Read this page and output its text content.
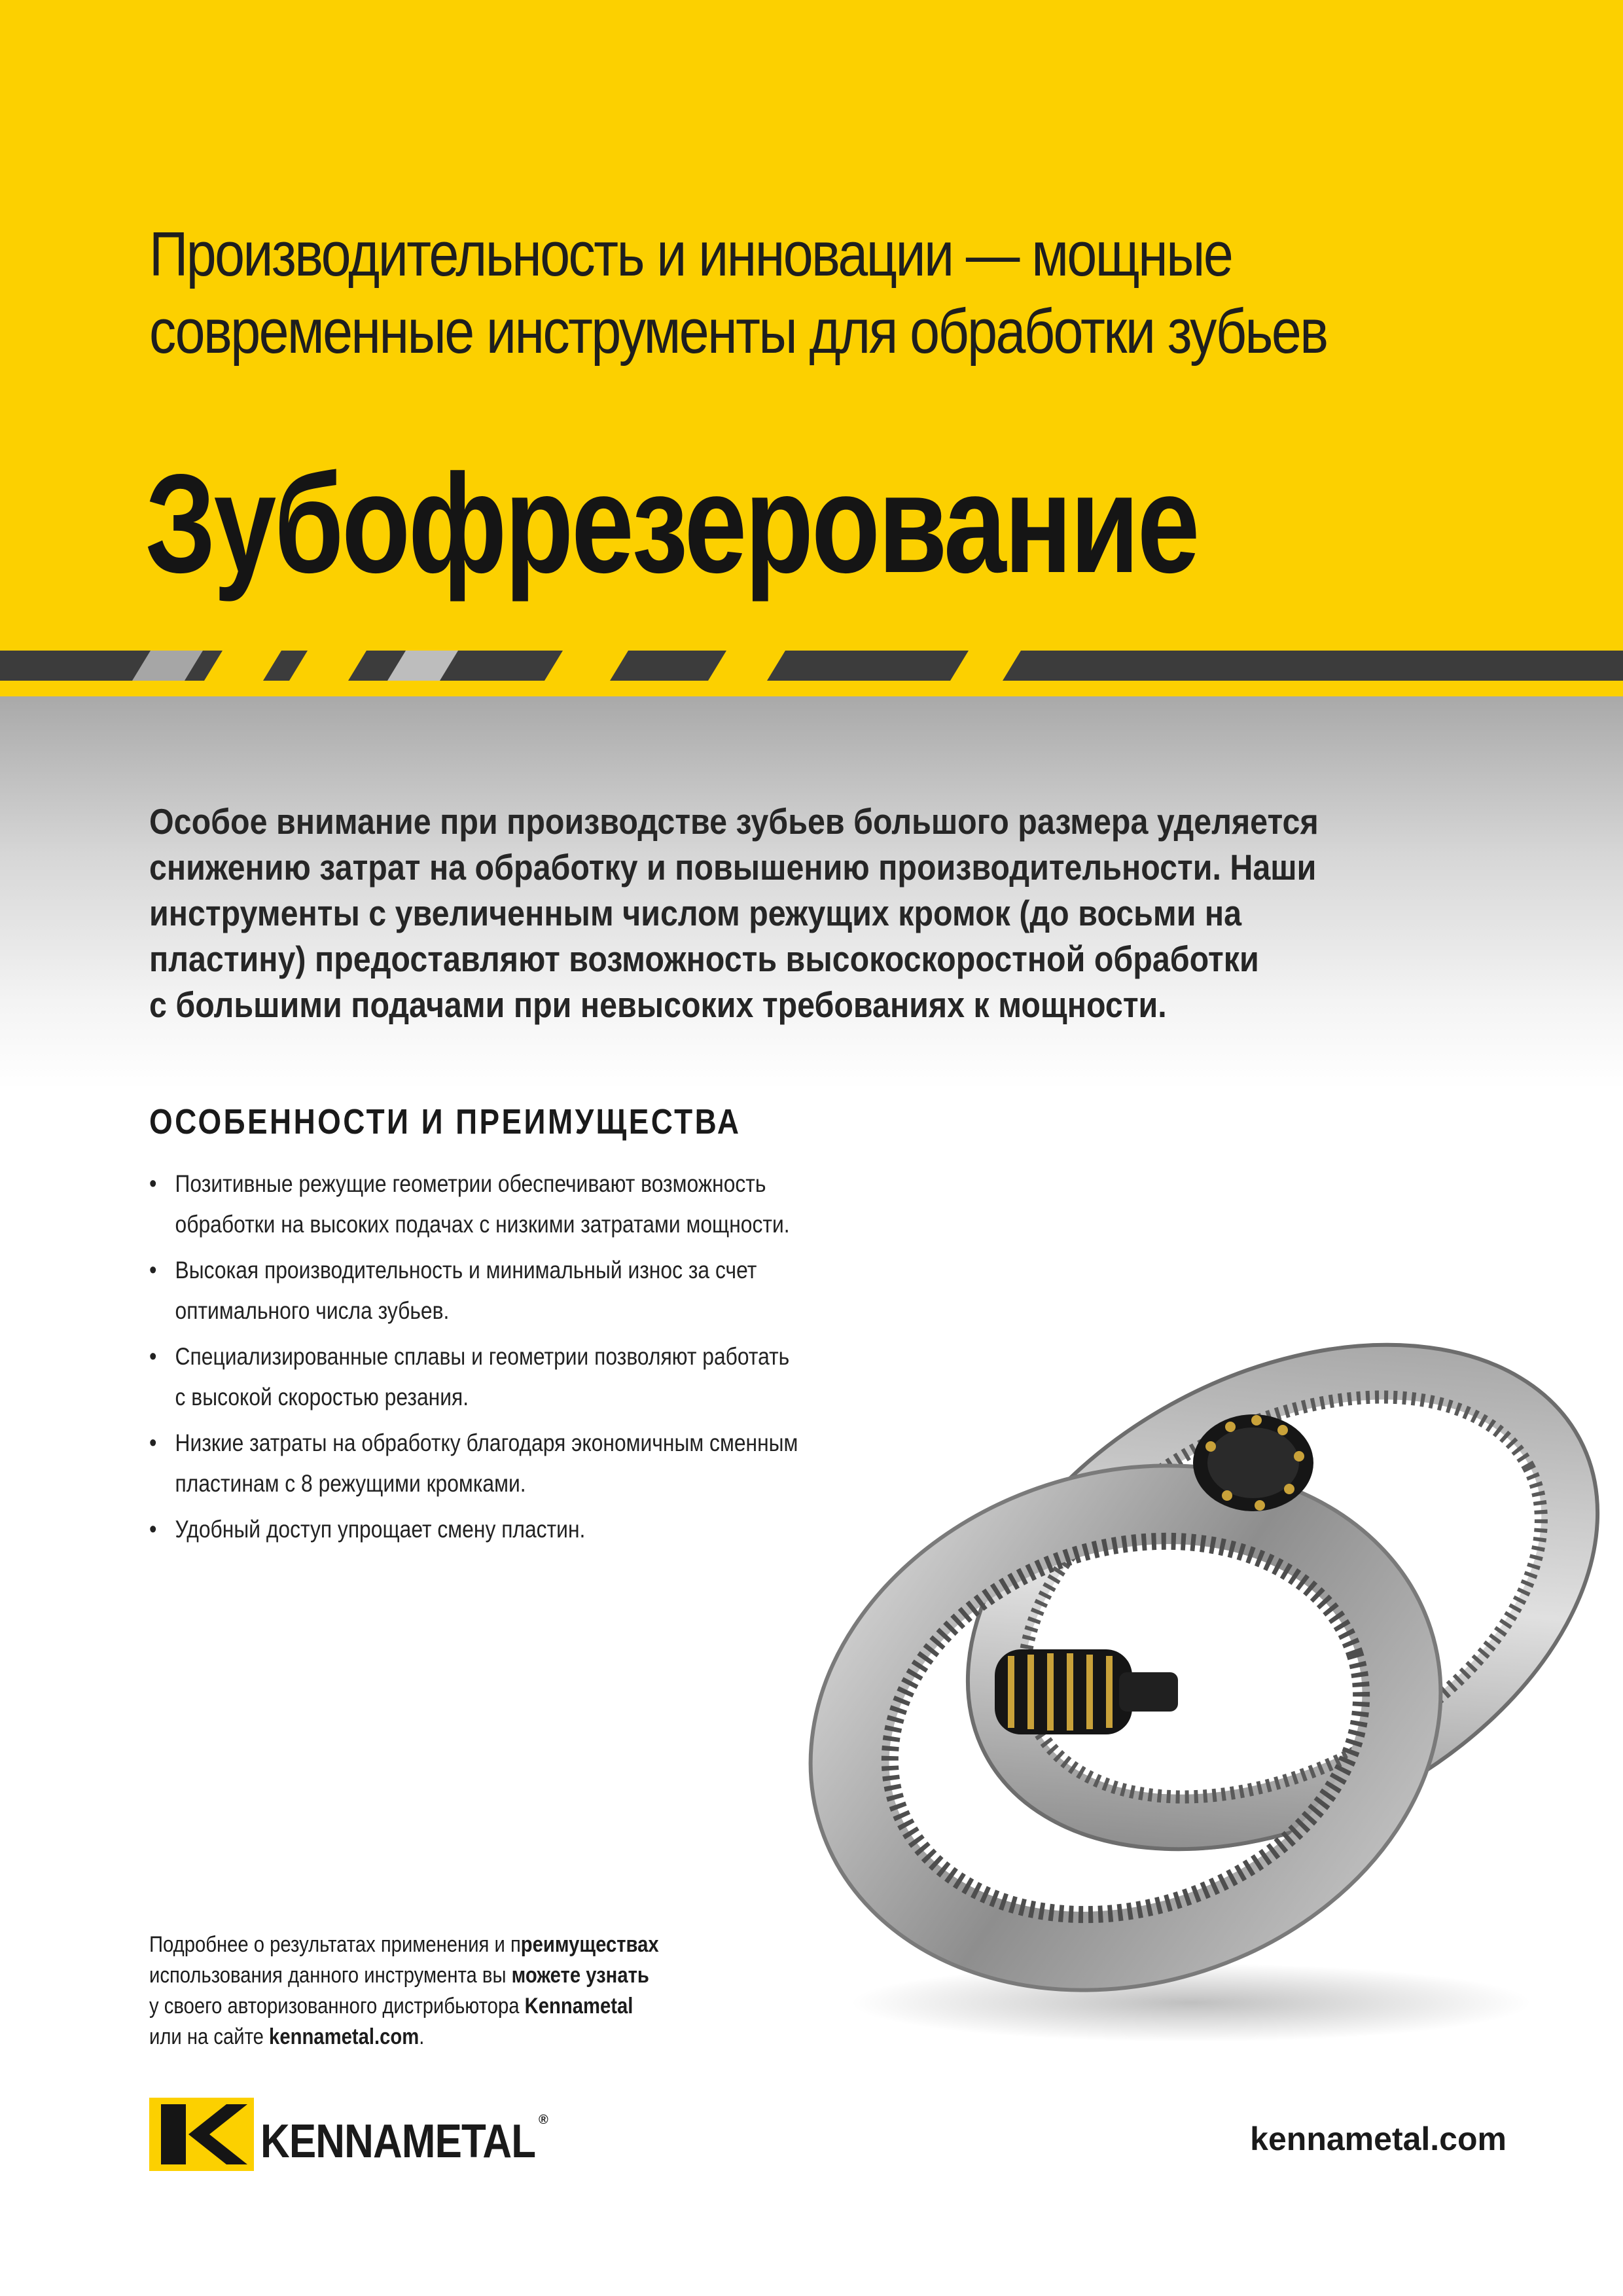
Производительность и инновации — мощные
современные инструменты для обработки зубьев
Зубофрезерование
Особое внимание при производстве зубьев большого размера уделяется
снижению затрат на обработку и повышению производительности. Наши
инструменты с увеличенным числом режущих кромок (до восьми на
пластину) предоставляют возможность высокоскоростной обработки
с большими подачами при невысоких требованиях к мощности.
ОСОБЕННОСТИ И ПРЕИМУЩЕСТВА
• Позитивные режущие геометрии обеспечивают возможность
обработки на высоких подачах с низкими затратами мощности.
• Высокая производительность и минимальный износ за счет
оптимального числа зубьев.
• Специализированные сплавы и геометрии позволяют работать
с высокой скоростью резания.
• Низкие затраты на обработку благодаря экономичным сменным
пластинам с 8 режущими кромками.
• Удобный доступ упрощает смену пластин.
Подробнее о результатах применения и преимуществах
использования данного инструмента вы можете узнать
у своего авторизованного дистрибьютора Kennametal
или на сайте kennametal.com.
KENNAMETAL ®
kennametal.com
